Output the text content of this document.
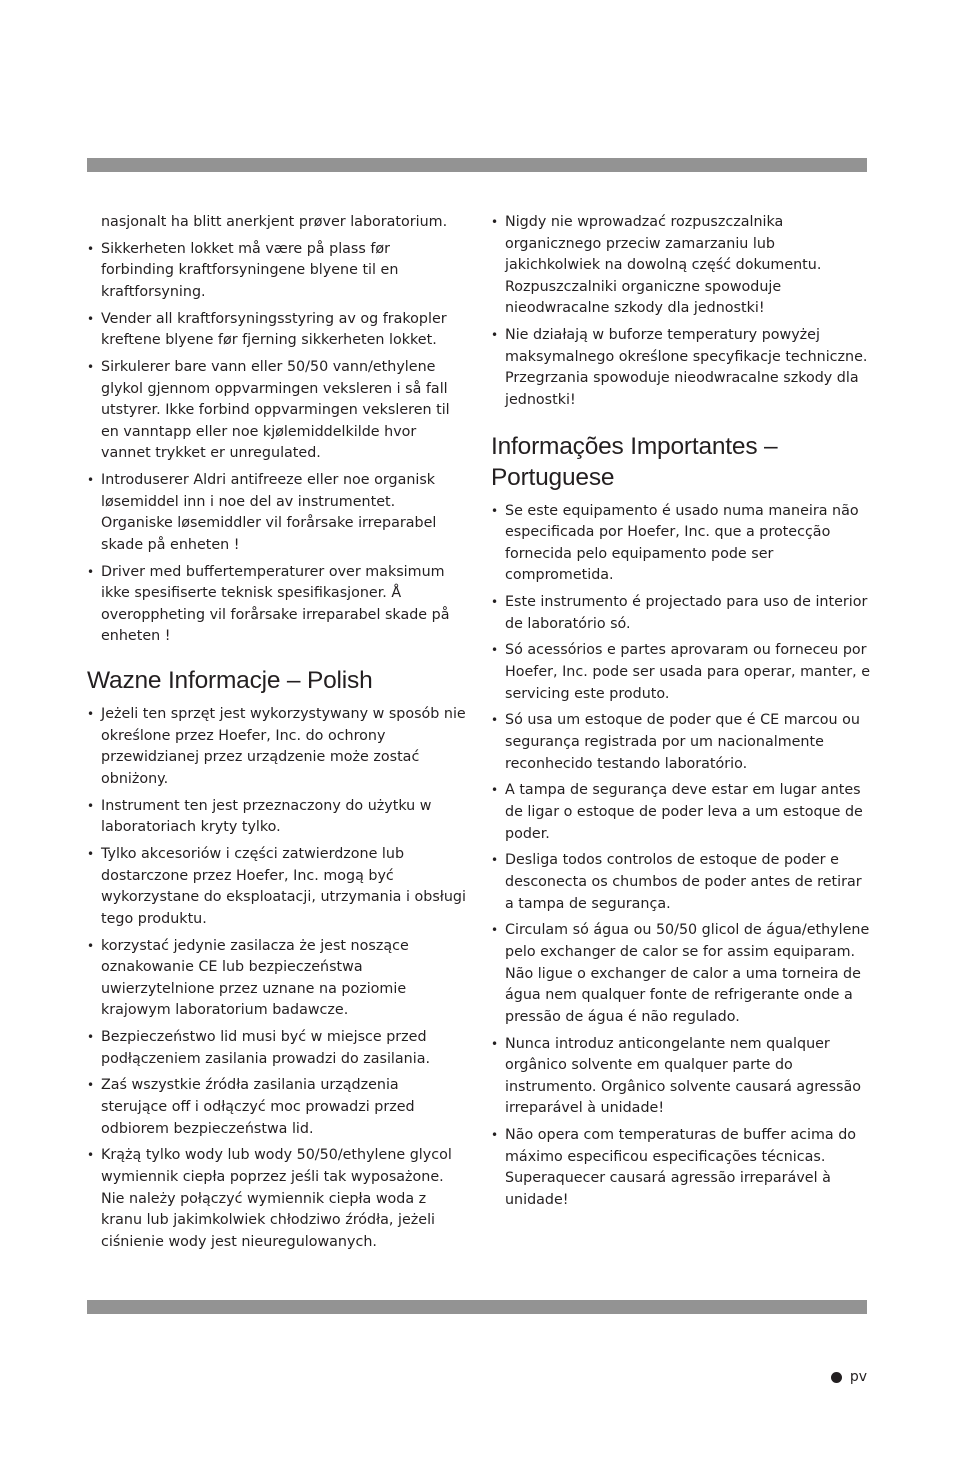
nasjonalt ha blitt anerkjent prøver laboratorium.

• Sikkerheten lokket må være på plass før forbinding kraftforsyningene blyene til en kraftforsyning.
• Vender all kraftforsyningsstyring av og frakopler kreftene blyene før fjerning sikkerheten lokket.
• Sirkulerer bare vann eller 50/50 vann/ethylene glykol gjennom oppvarmingen veksleren i så fall utstyrer. Ikke forbind oppvarmingen veksleren til en vanntapp eller noe kjølemiddelkilde hvor vannet trykket er unregulated.
• Introduserer Aldri antifreeze eller noe organisk løsemiddel inn i noe del av instrumentet. Organiske løsemiddler vil forårsake irreparabel skade på enheten !
• Driver med buffertemperaturer over maksimum ikke spesifiserte teknisk spesifikasjoner. Å overoppheting vil forårsake irreparabel skade på enheten !
Wazne Informacje – Polish
• Jeżeli ten sprzęt jest wykorzystywany w sposób nie określone przez Hoefer, Inc. do ochrony przewidzianej przez urządzenie może zostać obniżony.
• Instrument ten jest przeznaczony do użytku w laboratoriach kryty tylko.
• Tylko akcesoriów i części zatwierdzone lub dostarczone przez Hoefer, Inc. mogą być wykorzystane do eksploatacji, utrzymania i obsługi tego produktu.
• korzystać jedynie zasilacza że jest noszące oznakowanie CE lub bezpieczeństwa uwierzytelnione przez uznane na poziomie krajowym laboratorium badawcze.
• Bezpieczeństwo lid musi być w miejsce przed podłączeniem zasilania prowadzi do zasilania.
• Zaś wszystkie źródła zasilania urządzenia sterujące off i odłączyć moc prowadzi przed odbiorem bezpieczeństwa lid.
• Krążą tylko wody lub wody 50/50/ethylene glycol wymiennik ciepła poprzez jeśli tak wyposażone. Nie należy połączyć wymiennik ciepła woda z kranu lub jakimkolwiek chłodziwo źródła, jeżeli ciśnienie wody jest nieuregulowanych.
• Nigdy nie wprowadzać rozpuszczalnika organicznego przeciw zamarzaniu lub jakichkolwiek na dowolną część dokumentu. Rozpuszczalniki organiczne spowoduje nieodwracalne szkody dla jednostki!
• Nie działają w buforze temperatury powyżej maksymalnego określone specyfikacje techniczne. Przegrzania spowoduje nieodwracalne szkody dla jednostki!
Informações Importantes – Portuguese
• Se este equipamento é usado numa maneira não especificada por Hoefer, Inc. que a protecção fornecida pelo equipamento pode ser comprometida.
• Este instrumento é projectado para uso de interior de laboratório só.
• Só acessórios e partes aprovaram ou forneceu por Hoefer, Inc. pode ser usada para operar, manter, e servicing este produto.
• Só usa um estoque de poder que é CE marcou ou segurança registrada por um nacionalmente reconhecido testando laboratório.
• A tampa de segurança deve estar em lugar antes de ligar o estoque de poder leva a um estoque de poder.
• Desliga todos controlos de estoque de poder e desconecta os chumbos de poder antes de retirar a tampa de segurança.
• Circulam só água ou 50/50 glicol de água/ethylene pelo exchanger de calor se for assim equiparam. Não ligue o exchanger de calor a uma torneira de água nem qualquer fonte de refrigerante onde a pressão de água é não regulado.
• Nunca introduz anticongelante nem qualquer orgânico solvente em qualquer parte do instrumento. Orgânico solvente causará agressão irreparável à unidade!
• Não opera com temperaturas de buffer acima do máximo especificou especificações técnicas. Superaquecer causará agressão irreparável à unidade!
pv
